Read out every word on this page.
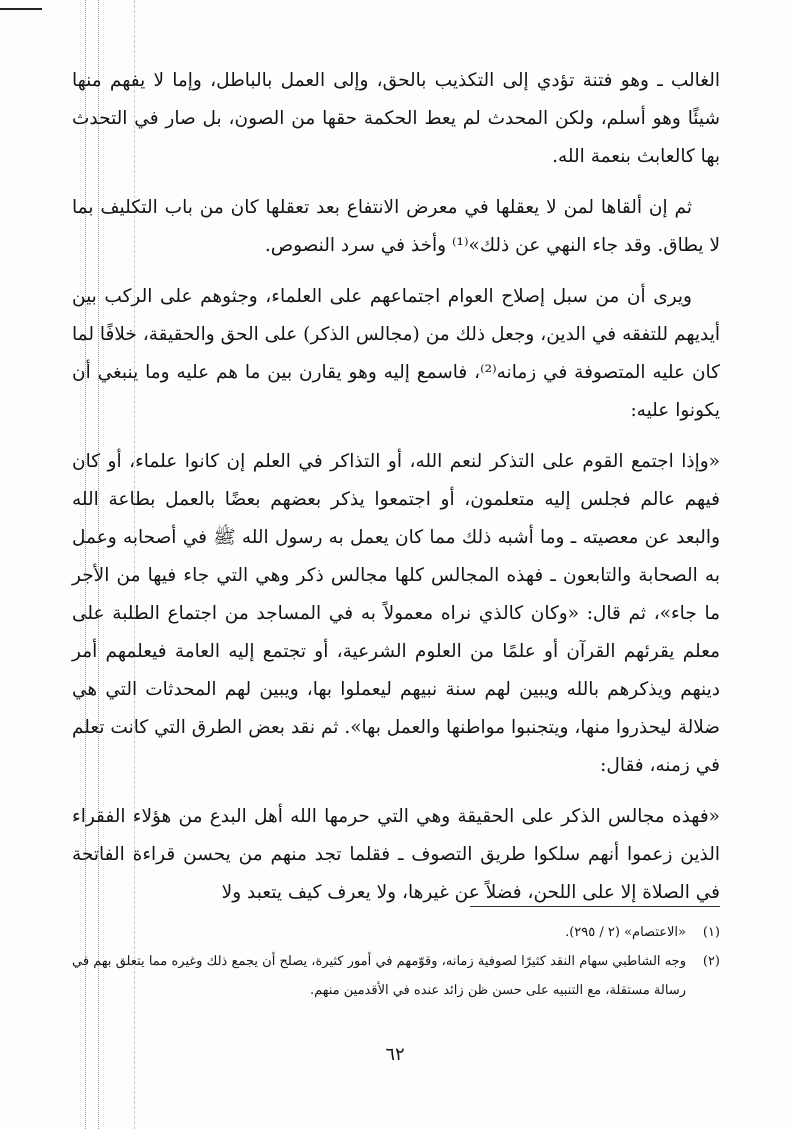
الغالب ـ وهو فتنة تؤدي إلى التكذيب بالحق، وإلى العمل بالباطل، وإما لا يفهم منها شيئًا وهو أسلم، ولكن المحدث لم يعط الحكمة حقها من الصون، بل صار في التحدث بها كالعابث بنعمة الله.

ثم إن ألقاها لمن لا يعقلها في معرض الانتفاع بعد تعقلها كان من باب التكليف بما لا يطاق. وقد جاء النهي عن ذلك»⁽¹⁾ وأخذ في سرد النصوص.

ويرى أن من سبل إصلاح العوام اجتماعهم على العلماء، وجثوهم على الركب بين أيديهم للتفقه في الدين، وجعل ذلك من (مجالس الذكر) على الحق والحقيقة، خلافًا لما كان عليه المتصوفة في زمانه⁽²⁾، فاسمع إليه وهو يقارن بين ما هم عليه وما ينبغي أن يكونوا عليه:

«وإذا اجتمع القوم على التذكر لنعم الله، أو التذاكر في العلم إن كانوا علماء، أو كان فيهم عالم فجلس إليه متعلمون، أو اجتمعوا يذكر بعضهم بعضًا بالعمل بطاعة الله والبعد عن معصيته ـ وما أشبه ذلك مما كان يعمل به رسول الله ﷺ في أصحابه وعمل به الصحابة والتابعون ـ فهذه المجالس كلها مجالس ذكر وهي التي جاء فيها من الأجر ما جاء»، ثم قال: «وكان كالذي نراه معمولاً به في المساجد من اجتماع الطلبة على معلم يقرئهم القرآن أو علمًا من العلوم الشرعية، أو تجتمع إليه العامة فيعلمهم أمر دينهم ويذكرهم بالله ويبين لهم سنة نبيهم ليعملوا بها، ويبين لهم المحدثات التي هي ضلالة ليحذروا منها، ويتجنبوا مواطنها والعمل بها». ثم نقد بعض الطرق التي كانت تعلم في زمنه، فقال:

«فهذه مجالس الذكر على الحقيقة وهي التي حرمها الله أهل البدع من هؤلاء الفقراء الذين زعموا أنهم سلكوا طريق التصوف ـ فقلما تجد منهم من يحسن قراءة الفاتحة في الصلاة إلا على اللحن، فضلاً عن غيرها، ولا يعرف كيف يتعبد ولا

(١)
«الاعتصام» (٢ / ٢٩٥).
(٢)
وجه الشاطبي سهام النقد كثيرًا لصوفية زمانه، وقوّمهم في أمور كثيرة، يصلح أن يجمع ذلك وغيره مما يتعلق بهم في رسالة مستقلة، مع التنبيه على حسن ظن زائد عنده في الأقدمين منهم.
٦٢
